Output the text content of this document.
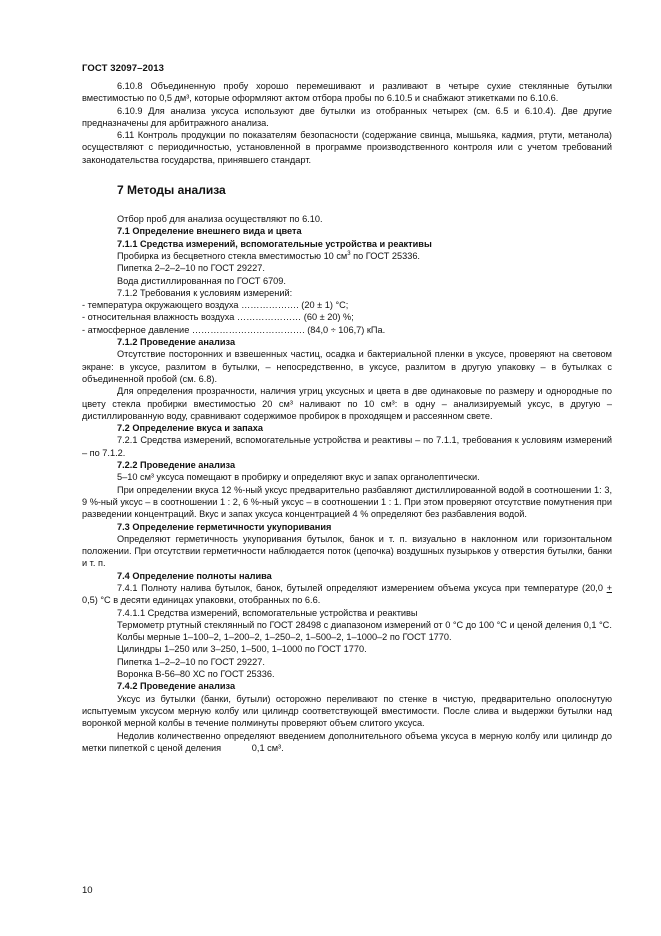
ГОСТ 32097–2013

6.10.8 Объединенную пробу хорошо перемешивают и разливают в четыре сухие стеклянные бутылки вместимостью по 0,5 дм³, которые оформляют актом отбора пробы по 6.10.5 и снабжают этикетками по 6.10.6.

6.10.9 Для анализа уксуса используют две бутылки из отобранных четырех (см. 6.5 и 6.10.4). Две другие предназначены для арбитражного анализа.

6.11 Контроль продукции по показателям безопасности (содержание свинца, мышьяка, кадмия, ртути, метанола) осуществляют с периодичностью, установленной в программе производственного контроля или с учетом требований законодательства государства, принявшего стандарт.

7 Методы анализа

Отбор проб для анализа осуществляют по 6.10.

7.1 Определение внешнего вида и цвета

7.1.1 Средства измерений, вспомогательные устройства и реактивы

Пробирка из бесцветного стекла вместимостью 10 $см^3$ по ГОСТ 25336.

Пипетка 2–2–2–10 по ГОСТ 29227.

Вода дистиллированная по ГОСТ 6709.

7.1.2 Требования к условиям измерений:

- температура окружающего воздуха ………………. (20 ± 1) °С;

- относительная влажность воздуха ………………… (60 ± 20) %;

- атмосферное давление ………………………………. (84,0 ÷ 106,7) кПа.

7.1.2 Проведение анализа

Отсутствие посторонних и взвешенных частиц, осадка и бактериальной пленки в уксусе, проверяют на световом экране: в уксусе, разлитом в бутылки, – непосредственно, в уксусе, разлитом в другую упаковку – в бутылках с объединенной пробой (см. 6.8).

Для определения прозрачности, наличия угриц уксусных и цвета в две одинаковые по размеру и однородные по цвету стекла пробирки вместимостью 20 см³ наливают по 10 см³: в одну – анализируемый уксус, в другую – дистиллированную воду, сравнивают содержимое пробирок в проходящем и рассеянном свете.

7.2 Определение вкуса и запаха

7.2.1 Средства измерений, вспомогательные устройства и реактивы – по 7.1.1, требования к условиям измерений – по 7.1.2.

7.2.2 Проведение анализа

5–10 см³ уксуса помещают в пробирку и определяют вкус и запах органолептически.

При определении вкуса 12 %-ный уксус предварительно разбавляют дистиллированной водой в соотношении 1: 3, 9 %-ный уксус – в соотношении 1 : 2, 6 %-ный уксус – в соотношении 1 : 1. При этом проверяют отсутствие помутнения при разведении концентраций. Вкус и запах уксуса концентрацией 4 % определяют без разбавления водой.

7.3 Определение герметичности укупоривания

Определяют герметичность укупоривания бутылок, банок и т. п. визуально в наклонном или горизонтальном положении. При отсутствии герметичности наблюдается поток (цепочка) воздушных пузырьков у отверстия бутылки, банки и т. п.

7.4 Определение полноты налива

7.4.1 Полноту налива бутылок, банок, бутылей определяют измерением объема уксуса при температуре (20,0 + 0,5) °С в десяти единицах упаковки, отобранных по 6.6.

7.4.1.1 Средства измерений, вспомогательные устройства и реактивы

Термометр ртутный стеклянный по ГОСТ 28498 с диапазоном измерений от 0 °С до 100 °С и ценой деления 0,1 °С.

Колбы мерные 1–100–2, 1–200–2, 1–250–2, 1–500–2, 1–1000–2 по ГОСТ 1770.

Цилиндры 1–250 или 3–250, 1–500, 1–1000 по ГОСТ 1770.

Пипетка 1–2–2–10 по ГОСТ 29227.

Воронка В-56–80 ХС по ГОСТ 25336.

7.4.2 Проведение анализа

Уксус из бутылки (банки, бутыли) осторожно переливают по стенке в чистую, предварительно ополоснутую испытуемым уксусом мерную колбу или цилиндр соответствующей вместимости. После слива и выдержки бутылки над воронкой мерной колбы в течение полминуты проверяют объем слитого уксуса.

Недолив количественно определяют введением дополнительного объема уксуса в мерную колбу или цилиндр до метки пипеткой с ценой деления	0,1 см³.

10
